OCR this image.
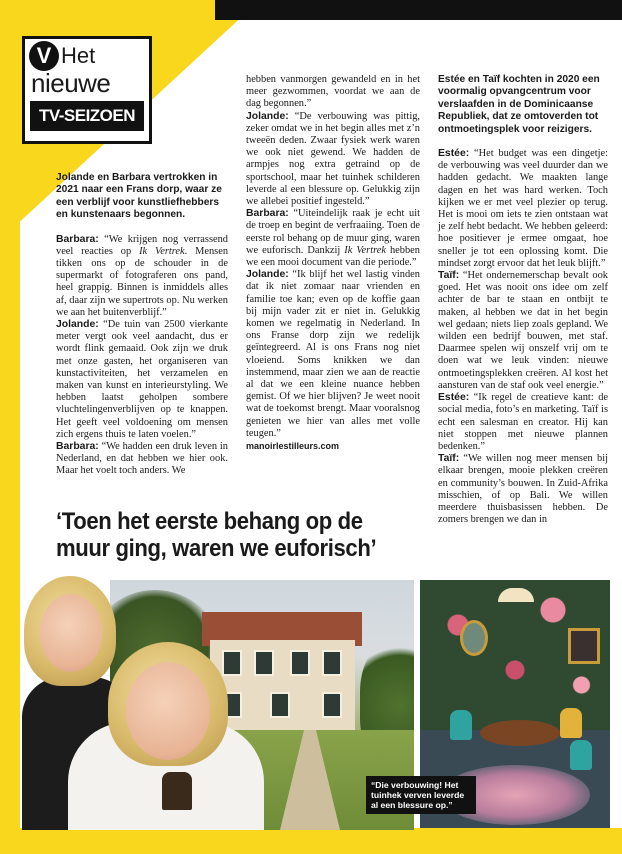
V Het
nieuwe
TV-SEIZOEN

Jolande en Barbara vertrokken in 2021 naar een Frans dorp, waar ze een verblijf voor kunstliefhebbers en kunstenaars begonnen.

Barbara: “We krijgen nog verrassend veel reacties op Ik Vertrek. Mensen tikken ons op de schouder in de supermarkt of fotograferen ons pand, heel grappig. Binnen is inmiddels alles af, daar zijn we supertrots op. Nu werken we aan het buitenverblijf.”

Jolande: “De tuin van 2500 vierkante meter vergt ook veel aandacht, dus er wordt flink gemaaid. Ook zijn we druk met onze gasten, het organiseren van kunstactiviteiten, het verzamelen en maken van kunst en interieurstyling. We hebben laatst geholpen sombere vluchtelingenverblijven op te knappen. Het geeft veel voldoening om mensen zich ergens thuis te laten voelen.”

Barbara: “We hadden een druk leven in Nederland, en dat hebben we hier ook. Maar het voelt toch anders. We

hebben vanmorgen gewandeld en in het meer gezwommen, voordat we aan de dag begonnen.”

Jolande: “De verbouwing was pittig, zeker omdat we in het begin alles met z’n tweeën deden. Zwaar fysiek werk waren we ook niet gewend. We hadden de armpjes nog extra getraind op de sportschool, maar het tuinhek schilderen leverde al een blessure op. Gelukkig zijn we allebei positief ingesteld.”

Barbara: “Uiteindelijk raak je echt uit de troep en begint de verfraaiing. Toen de eerste rol behang op de muur ging, waren we euforisch. Dankzij Ik Vertrek hebben we een mooi document van die periode.”

Jolande: “Ik blijf het wel lastig vinden dat ik niet zomaar naar vrienden en familie toe kan; even op de koffie gaan bij mijn vader zit er niet in. Gelukkig komen we regelmatig in Nederland. In ons Franse dorp zijn we redelijk geïntegreerd. Al is ons Frans nog niet vloeiend. Soms knikken we dan instemmend, maar zien we aan de reactie al dat we een kleine nuance hebben gemist. Of we hier blijven? Je weet nooit wat de toekomst brengt. Maar vooralsnog genieten we hier van alles met volle teugen.”

manoirlestilleurs.com

Estée en Taïf kochten in 2020 een voormalig opvangcentrum voor verslaafden in de Dominicaanse Republiek, dat ze omtoverden tot ontmoetingsplek voor reizigers.

Estée: “Het budget was een dingetje: de verbouwing was veel duurder dan we hadden gedacht. We maakten lange dagen en het was hard werken. Toch kijken we er met veel plezier op terug. Het is mooi om iets te zien ontstaan wat je zelf hebt bedacht. We hebben geleerd: hoe positiever je ermee omgaat, hoe sneller je tot een oplossing komt. Die mindset zorgt ervoor dat het leuk blijft.”

Taïf: “Het ondernemerschap bevalt ook goed. Het was nooit ons idee om zelf achter de bar te staan en ontbijt te maken, al hebben we dat in het begin wel gedaan; niets liep zoals gepland. We wilden een bedrijf bouwen, met staf. Daarmee spelen wij onszelf vrij om te doen wat we leuk vinden: nieuwe ontmoetingsplekken creëren. Al kost het aansturen van de staf ook veel energie.”

Estée: “Ik regel de creatieve kant: de social media, foto’s en marketing. Taïf is echt een salesman en creator. Hij kan niet stoppen met nieuwe plannen bedenken.”

Taïf: “We willen nog meer mensen bij elkaar brengen, mooie plekken creëren en community’s bouwen. In Zuid-Afrika misschien, of op Bali. We willen meerdere thuisbasissen hebben. De zomers brengen we dan in

‘Toen het eerste behang op de muur ging, waren we euforisch’
“Die verbouwing! Het tuinhek verven leverde al een blessure op.”
